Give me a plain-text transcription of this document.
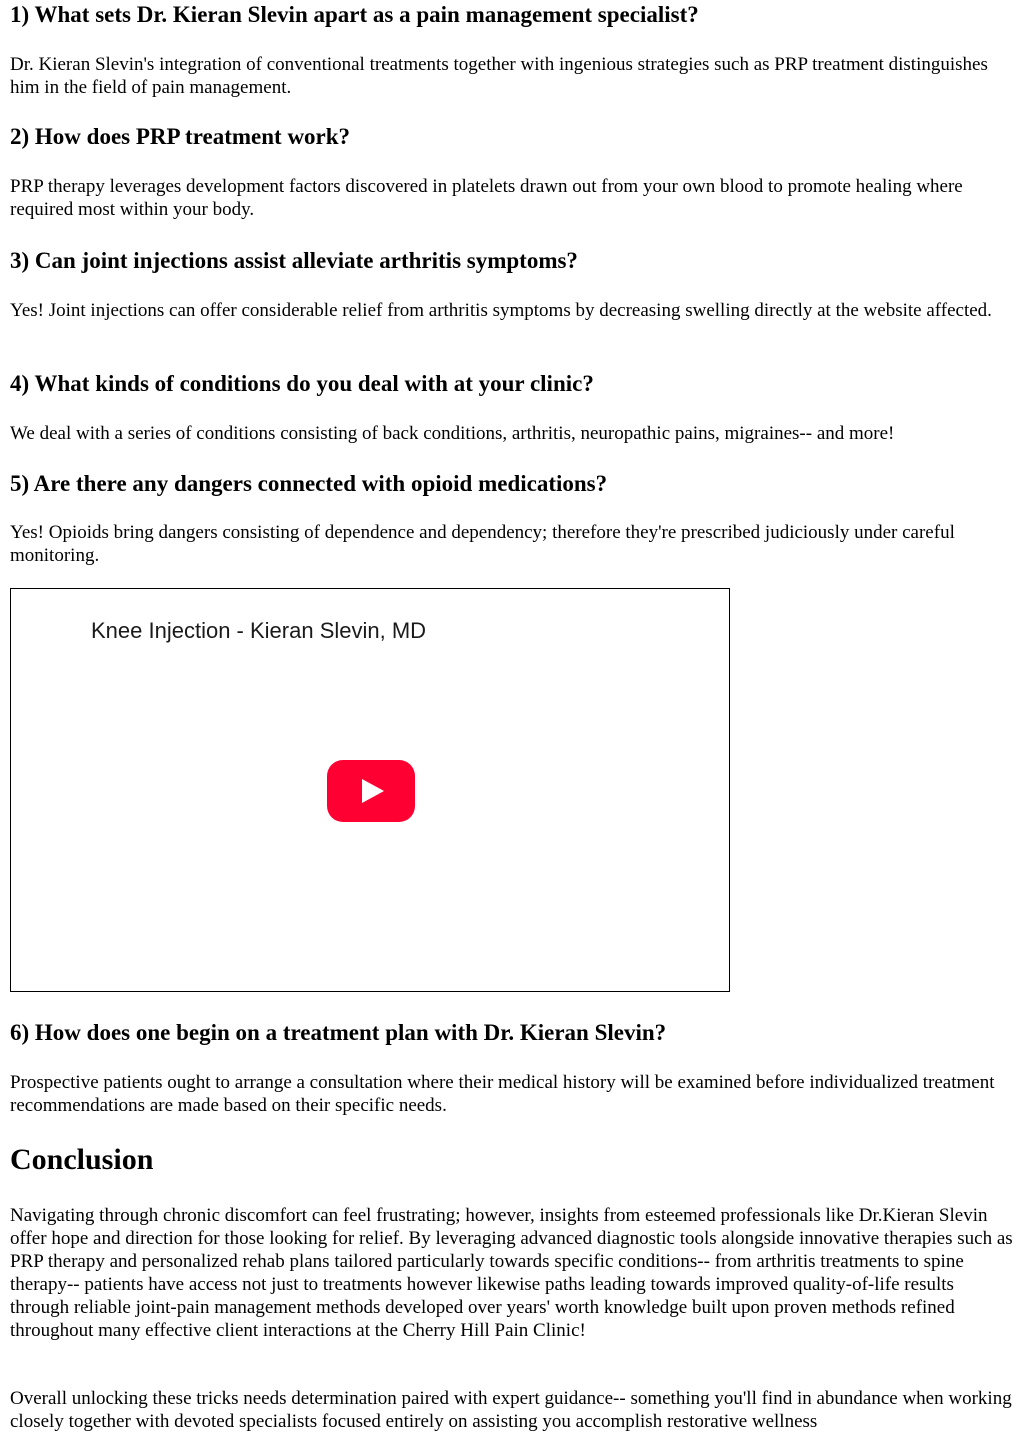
1) What sets Dr. Kieran Slevin apart as a pain management specialist?

Dr. Kieran Slevin's integration of conventional treatments together with ingenious strategies such as PRP treatment distinguishes him in the field of pain management.

2) How does PRP treatment work?

PRP therapy leverages development factors discovered in platelets drawn out from your own blood to promote healing where required most within your body.

3) Can joint injections assist alleviate arthritis symptoms?

Yes! Joint injections can offer considerable relief from arthritis symptoms by decreasing swelling directly at the website affected.

4) What kinds of conditions do you deal with at your clinic?

We deal with a series of conditions consisting of back conditions, arthritis, neuropathic pains, migraines-- and more!

5) Are there any dangers connected with opioid medications?

Yes! Opioids bring dangers consisting of dependence and dependency; therefore they're prescribed judiciously under careful monitoring.

Knee Injection - Kieran Slevin, MD
6) How does one begin on a treatment plan with Dr. Kieran Slevin?

Prospective patients ought to arrange a consultation where their medical history will be examined before individualized treatment recommendations are made based on their specific needs.

Conclusion

Navigating through chronic discomfort can feel frustrating; however, insights from esteemed professionals like Dr.Kieran Slevin offer hope and direction for those looking for relief. By leveraging advanced diagnostic tools alongside innovative therapies such as PRP therapy and personalized rehab plans tailored particularly towards specific conditions-- from arthritis treatments to spine therapy-- patients have access not just to treatments however likewise paths leading towards improved quality-of-life results through reliable joint-pain management methods developed over years' worth knowledge built upon proven methods refined throughout many effective client interactions at the Cherry Hill Pain Clinic!

Overall unlocking these tricks needs determination paired with expert guidance-- something you'll find in abundance when working closely together with devoted specialists focused entirely on assisting you accomplish restorative wellness
